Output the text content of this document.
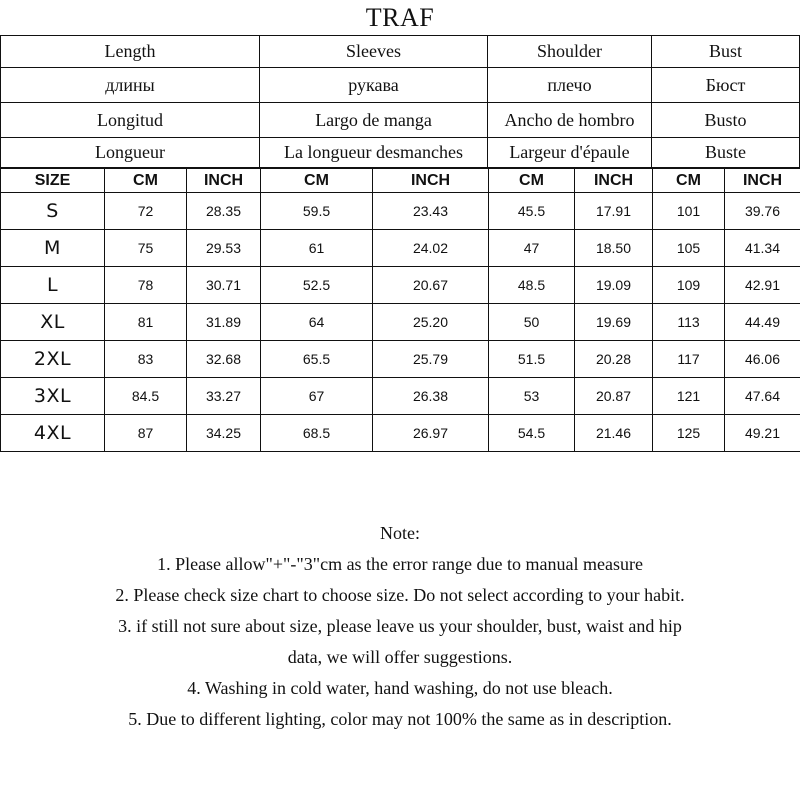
TRAF
Length	Sleeves	Shoulder	Bust
длины	рукава	плечо	Бюст
Longitud	Largo de manga	Ancho de hombro	Busto
Longueur	La longueur desmanches	Largeur d'épaule	Buste
SIZE	CM	INCH	CM	INCH	CM	INCH	CM	INCH
S	72	28.35	59.5	23.43	45.5	17.91	101	39.76
M	75	29.53	61	24.02	47	18.50	105	41.34
L	78	30.71	52.5	20.67	48.5	19.09	109	42.91
XL	81	31.89	64	25.20	50	19.69	113	44.49
2XL	83	32.68	65.5	25.79	51.5	20.28	117	46.06
3XL	84.5	33.27	67	26.38	53	20.87	121	47.64
4XL	87	34.25	68.5	26.97	54.5	21.46	125	49.21
Note:
1. Please allow"+"-"3"cm as the error range due to manual measure
2. Please check size chart to choose size. Do not select according to your habit.
3. if still not sure about size, please leave us your shoulder, bust, waist and hip
data, we will offer suggestions.
4. Washing in cold water, hand washing, do not use bleach.
5. Due to different lighting, color may not 100% the same as in description.
